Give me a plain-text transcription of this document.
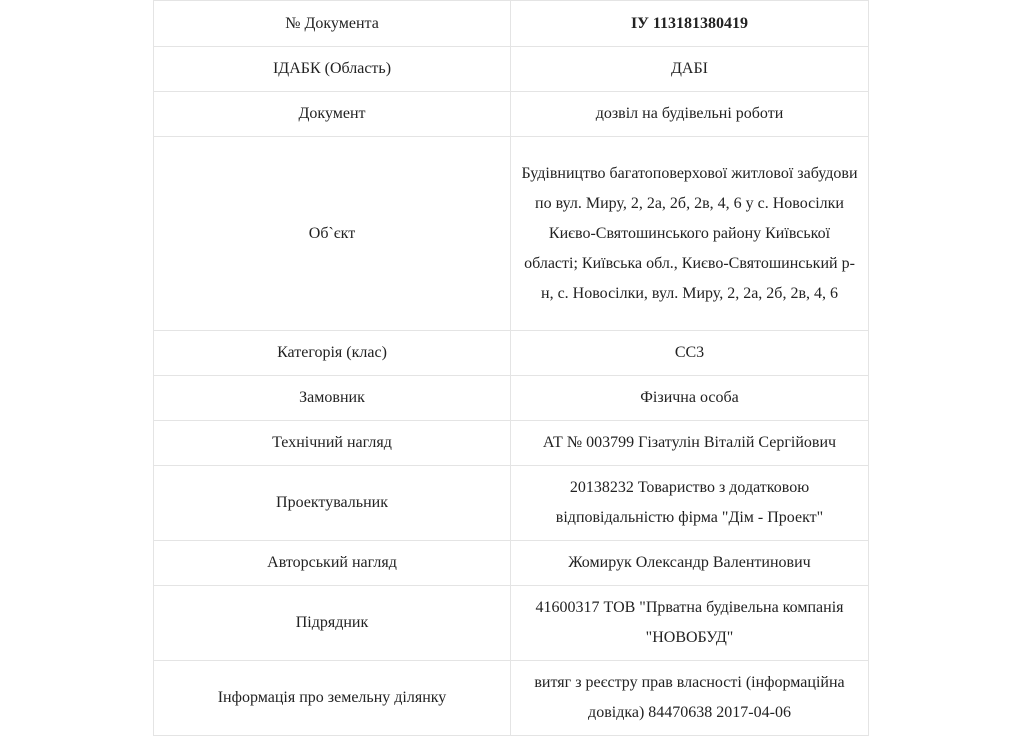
№ Документа	ІУ 113181380419
ІДАБК (Область)	ДАБІ
Документ	дозвіл на будівельні роботи
Об`єкт	Будівництво багатоповерхової житлової забудови по вул. Миру, 2, 2а, 2б, 2в, 4, 6 у с. Новосілки Києво-Святошинського району Київської області; Київська обл., Києво-Святошинський р-н, с. Новосілки, вул. Миру, 2, 2а, 2б, 2в, 4, 6
Категорія (клас)	СС3
Замовник	Фізична особа
Технічний нагляд	АТ № 003799 Гізатулін Віталій Сергійович
Проектувальник	20138232 Товариство з додатковою відповідальністю фірма "Дім - Проект"
Авторський нагляд	Жомирук Олександр Валентинович
Підрядник	41600317 ТОВ "Прватна будівельна компанія "НОВОБУД"
Інформація про земельну ділянку	витяг з реєстру прав власності (інформаційна довідка) 84470638 2017-04-06
